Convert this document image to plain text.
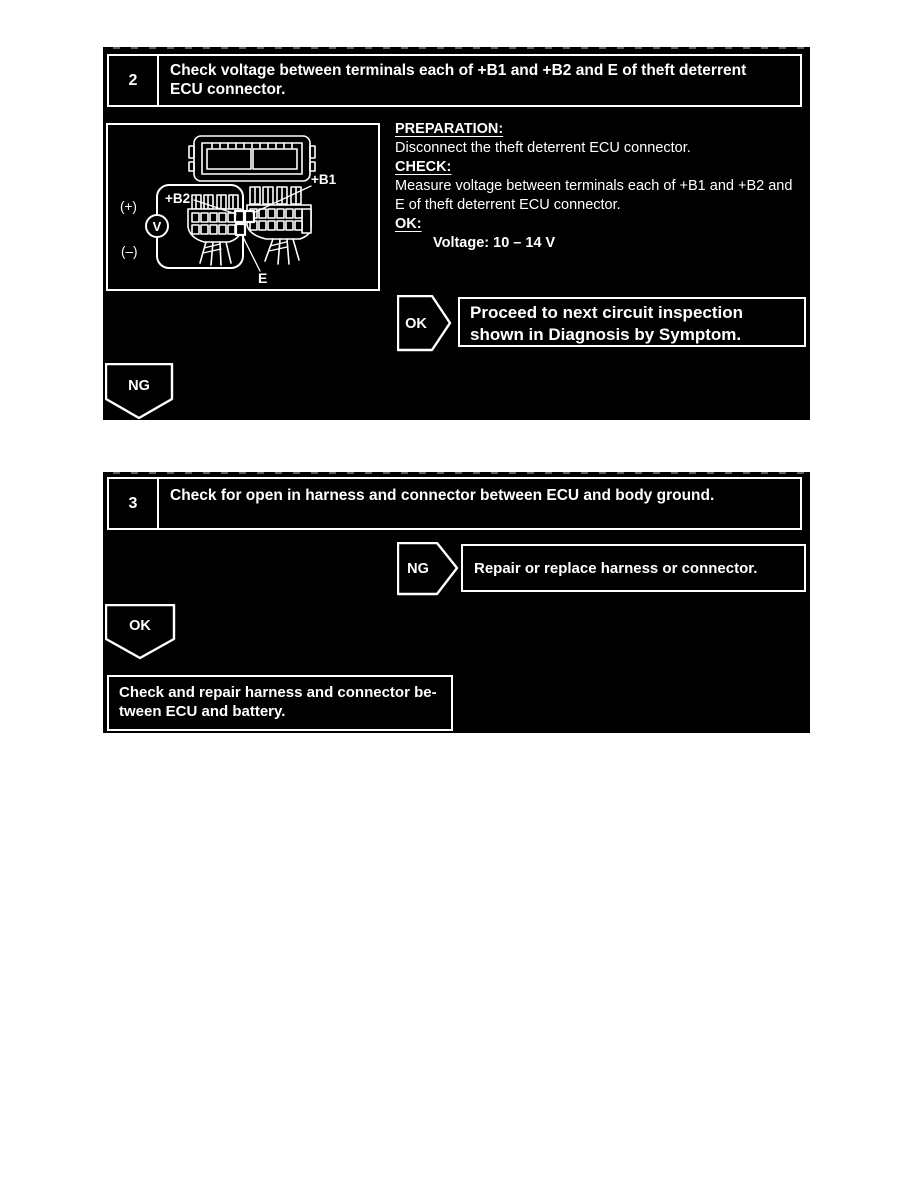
2
Check voltage between terminals each of +B1 and +B2 and E of theft deterrent
ECU connector.
V
(+)
(–)
+B2
+B1
E
PREPARATION:
Disconnect the theft deterrent ECU connector.
CHECK:
Measure voltage between terminals each of +B1 and +B2 and
E of theft deterrent ECU connector.
OK:
Voltage: 10 – 14 V
OK
Proceed to next circuit inspection
shown in Diagnosis by Symptom.
NG
3	Check for open in harness and connector between ECU and body ground.
NG	Repair or replace harness or connector.
OK
Check and repair harness and connector be-
tween ECU and battery.
